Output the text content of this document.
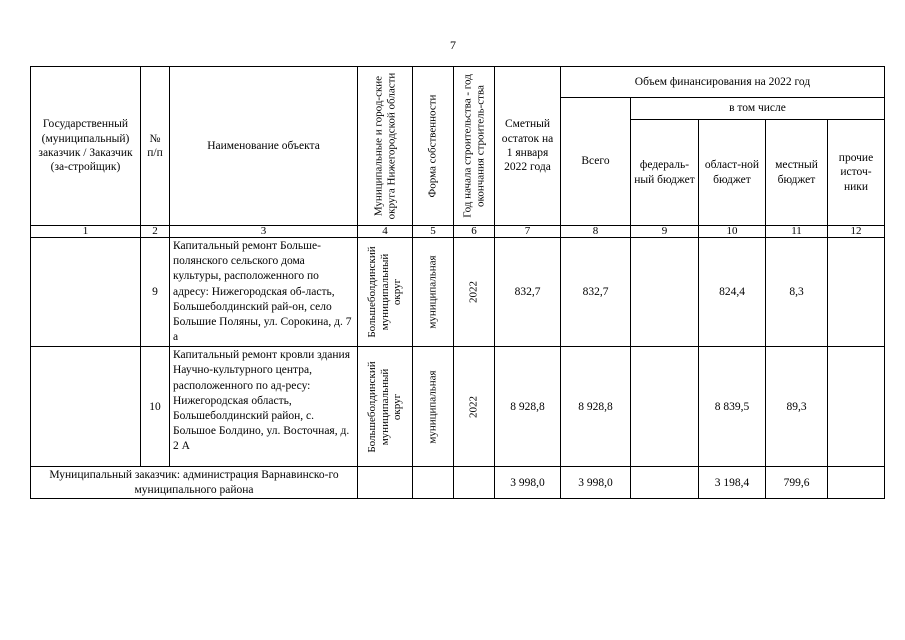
7
Государственный (муниципальный) заказчик / Заказчик (за-стройщик)	№ п/п	Наименование объекта	Муниципальные и город-ские округа Нижегородской области	Форма собственности	Год начала строительства - год окончания строитель-ства	Сметный остаток на 1 января 2022 года	Объем финансирования на 2022 год				
							Всего	в том числе			
								федераль-ный бюджет	област-ной бюджет	местный бюджет	прочие источ-ники
1	2	3	4	5	6	7	8	9	10	11	12
	9	Капитальный ремонт Больше-полянского сельского дома культуры, расположенного по адресу: Нижегородская об-ласть, Большеболдинский рай-он, село Большие Поляны, ул. Сорокина, д. 7 а	Большеболдинский муниципальный округ	муниципальная	2022	832,7	832,7		824,4	8,3	
	10	Капитальный ремонт кровли здания Научно-культурного центра, расположенного по ад-ресу: Нижегородская область, Большеболдинский район, с. Большое Болдино, ул. Восточная, д. 2 А	Большеболдинский муниципальный округ	муниципальная	2022	8 928,8	8 928,8		8 839,5	89,3	
Муниципальный заказчик: администрация Варнавинско-го муниципального района						3 998,0	3 998,0		3 198,4	799,6	
